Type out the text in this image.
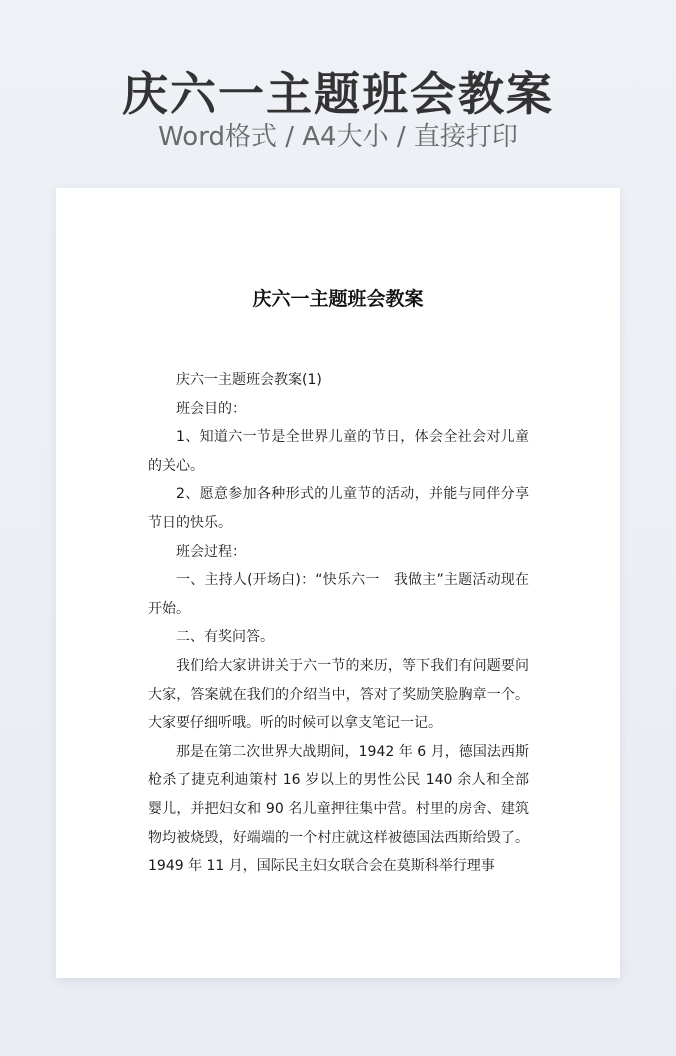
庆六一主题班会教案
Word格式 / A4大小 / 直接打印
庆六一主题班会教案

庆六一主题班会教案(1)

班会目的：

1、知道六一节是全世界儿童的节日，体会全社会对儿童的关心。

2、愿意参加各种形式的儿童节的活动，并能与同伴分享节日的快乐。

班会过程：

一、主持人(开场白)：“快乐六一　我做主”主题活动现在开始。

二、有奖问答。

我们给大家讲讲关于六一节的来历，等下我们有问题要问大家，答案就在我们的介绍当中，答对了奖励笑脸胸章一个。大家要仔细听哦。听的时候可以拿支笔记一记。

那是在第二次世界大战期间，1942 年 6 月，德国法西斯枪杀了捷克利迪策村 16 岁以上的男性公民 140 余人和全部婴儿，并把妇女和 90 名儿童押往集中营。村里的房舍、建筑物均被烧毁，好端端的一个村庄就这样被德国法西斯给毁了。1949 年 11 月，国际民主妇女联合会在莫斯科举行理事
